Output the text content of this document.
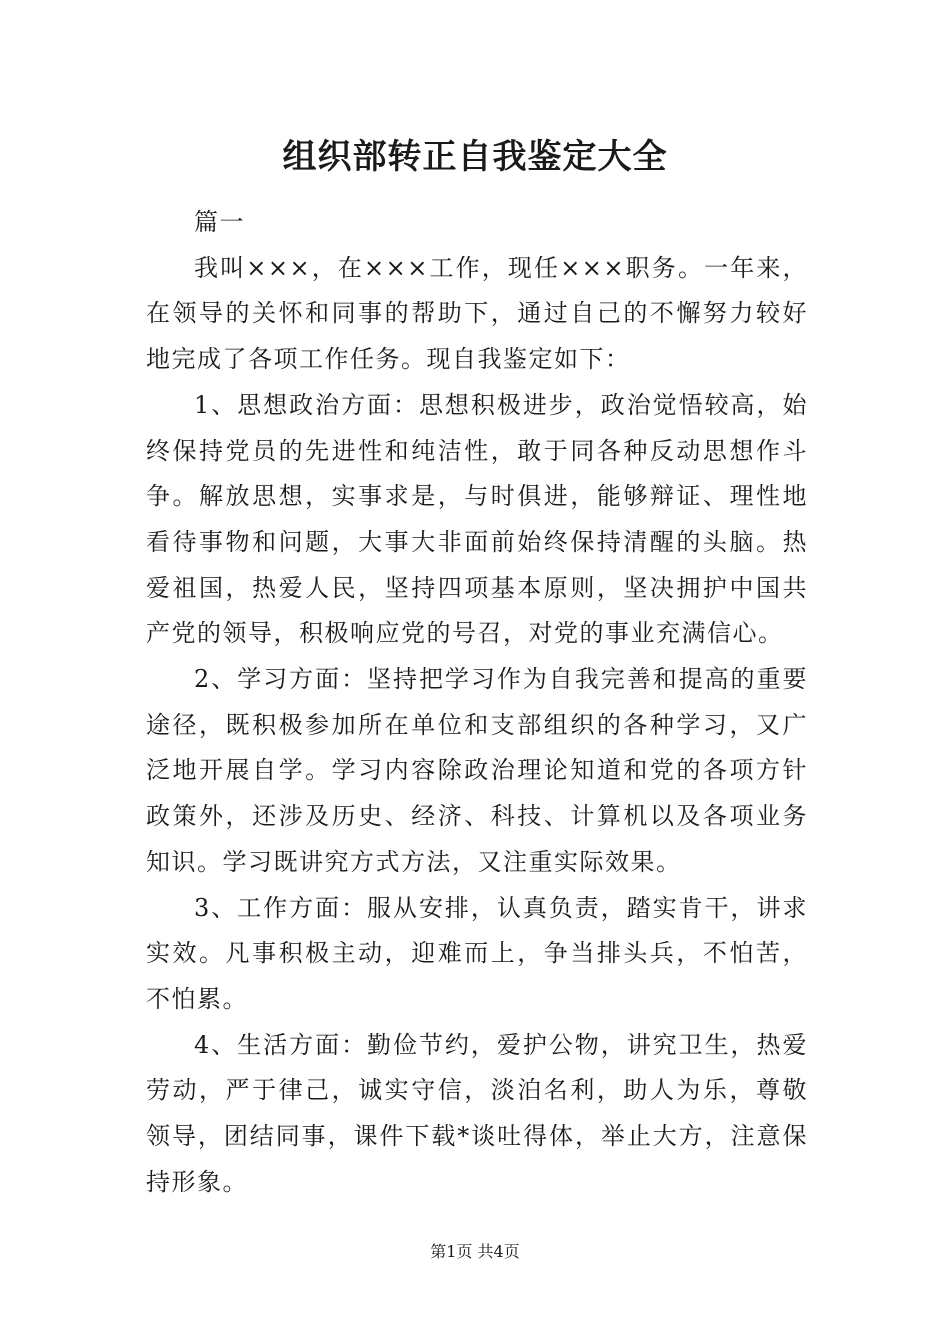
组织部转正自我鉴定大全

篇一

我叫×××，在×××工作，现任×××职务。一年来，在领导的关怀和同事的帮助下，通过自己的不懈努力较好地完成了各项工作任务。现自我鉴定如下：

1、思想政治方面：思想积极进步，政治觉悟较高，始终保持党员的先进性和纯洁性，敢于同各种反动思想作斗争。解放思想，实事求是，与时俱进，能够辩证、理性地看待事物和问题，大事大非面前始终保持清醒的头脑。热爱祖国，热爱人民，坚持四项基本原则，坚决拥护中国共产党的领导，积极响应党的号召，对党的事业充满信心。

2、学习方面：坚持把学习作为自我完善和提高的重要途径，既积极参加所在单位和支部组织的各种学习，又广泛地开展自学。学习内容除政治理论知道和党的各项方针政策外，还涉及历史、经济、科技、计算机以及各项业务知识。学习既讲究方式方法，又注重实际效果。

3、工作方面：服从安排，认真负责，踏实肯干，讲求实效。凡事积极主动，迎难而上，争当排头兵，不怕苦，不怕累。

4、生活方面：勤俭节约，爱护公物，讲究卫生，热爱劳动，严于律己，诚实守信，淡泊名利，助人为乐，尊敬领导，团结同事，课件下载*谈吐得体，举止大方，注意保持形象。

第1页 共4页
